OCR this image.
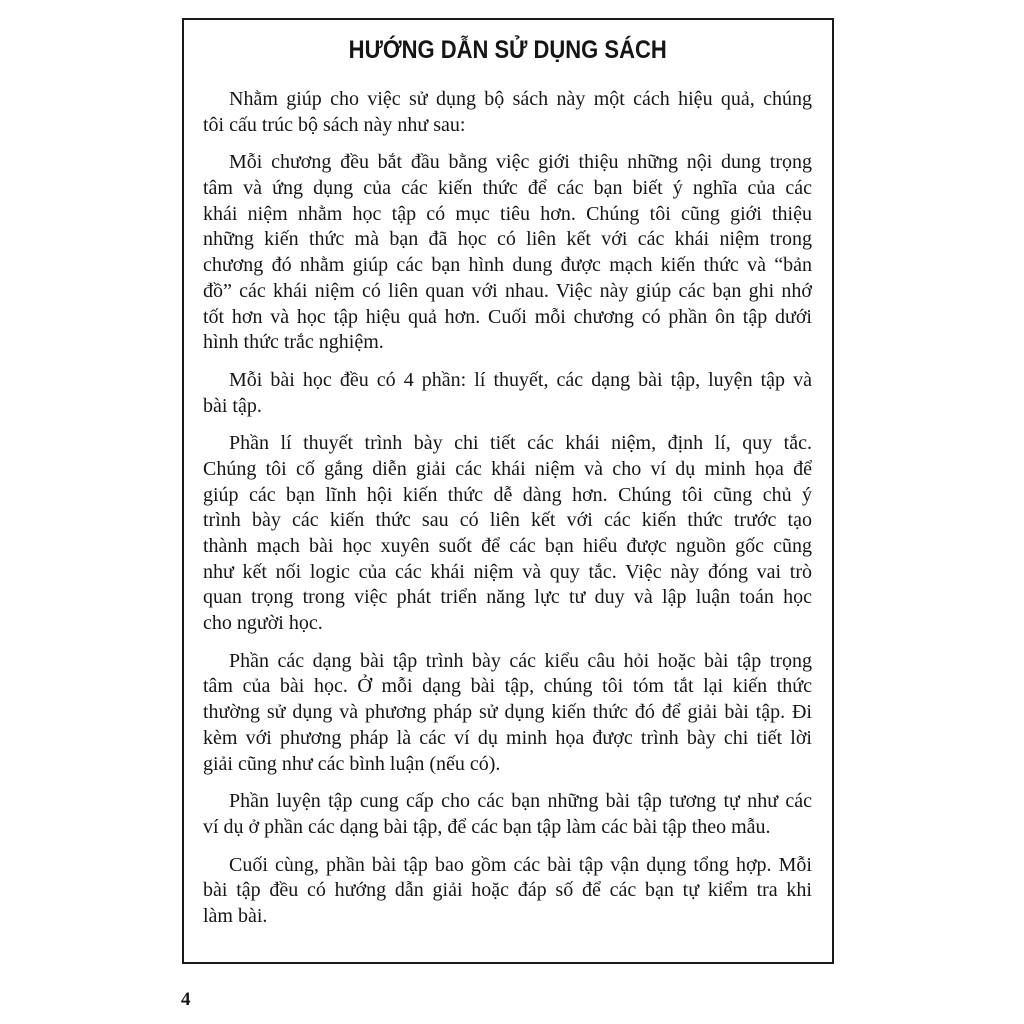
HƯỚNG DẪN SỬ DỤNG SÁCH
Nhằm giúp cho việc sử dụng bộ sách này một cách hiệu quả, chúng
tôi cấu trúc bộ sách này như sau:
Mỗi chương đều bắt đầu bằng việc giới thiệu những nội dung trọng
tâm và ứng dụng của các kiến thức để các bạn biết ý nghĩa của các
khái niệm nhằm học tập có mục tiêu hơn. Chúng tôi cũng giới thiệu
những kiến thức mà bạn đã học có liên kết với các khái niệm trong
chương đó nhằm giúp các bạn hình dung được mạch kiến thức và “bản
đồ” các khái niệm có liên quan với nhau. Việc này giúp các bạn ghi nhớ
tốt hơn và học tập hiệu quả hơn. Cuối mỗi chương có phần ôn tập dưới
hình thức trắc nghiệm.
Mỗi bài học đều có 4 phần: lí thuyết, các dạng bài tập, luyện tập và
bài tập.
Phần lí thuyết trình bày chi tiết các khái niệm, định lí, quy tắc.
Chúng tôi cố gắng diễn giải các khái niệm và cho ví dụ minh họa để
giúp các bạn lĩnh hội kiến thức dễ dàng hơn. Chúng tôi cũng chủ ý
trình bày các kiến thức sau có liên kết với các kiến thức trước tạo
thành mạch bài học xuyên suốt để các bạn hiểu được nguồn gốc cũng
như kết nối logic của các khái niệm và quy tắc. Việc này đóng vai trò
quan trọng trong việc phát triển năng lực tư duy và lập luận toán học
cho người học.
Phần các dạng bài tập trình bày các kiểu câu hỏi hoặc bài tập trọng
tâm của bài học. Ở mỗi dạng bài tập, chúng tôi tóm tắt lại kiến thức
thường sử dụng và phương pháp sử dụng kiến thức đó để giải bài tập. Đi
kèm với phương pháp là các ví dụ minh họa được trình bày chi tiết lời
giải cũng như các bình luận (nếu có).
Phần luyện tập cung cấp cho các bạn những bài tập tương tự như các
ví dụ ở phần các dạng bài tập, để các bạn tập làm các bài tập theo mẫu.
Cuối cùng, phần bài tập bao gồm các bài tập vận dụng tổng hợp. Mỗi
bài tập đều có hướng dẫn giải hoặc đáp số để các bạn tự kiểm tra khi
làm bài.
4
